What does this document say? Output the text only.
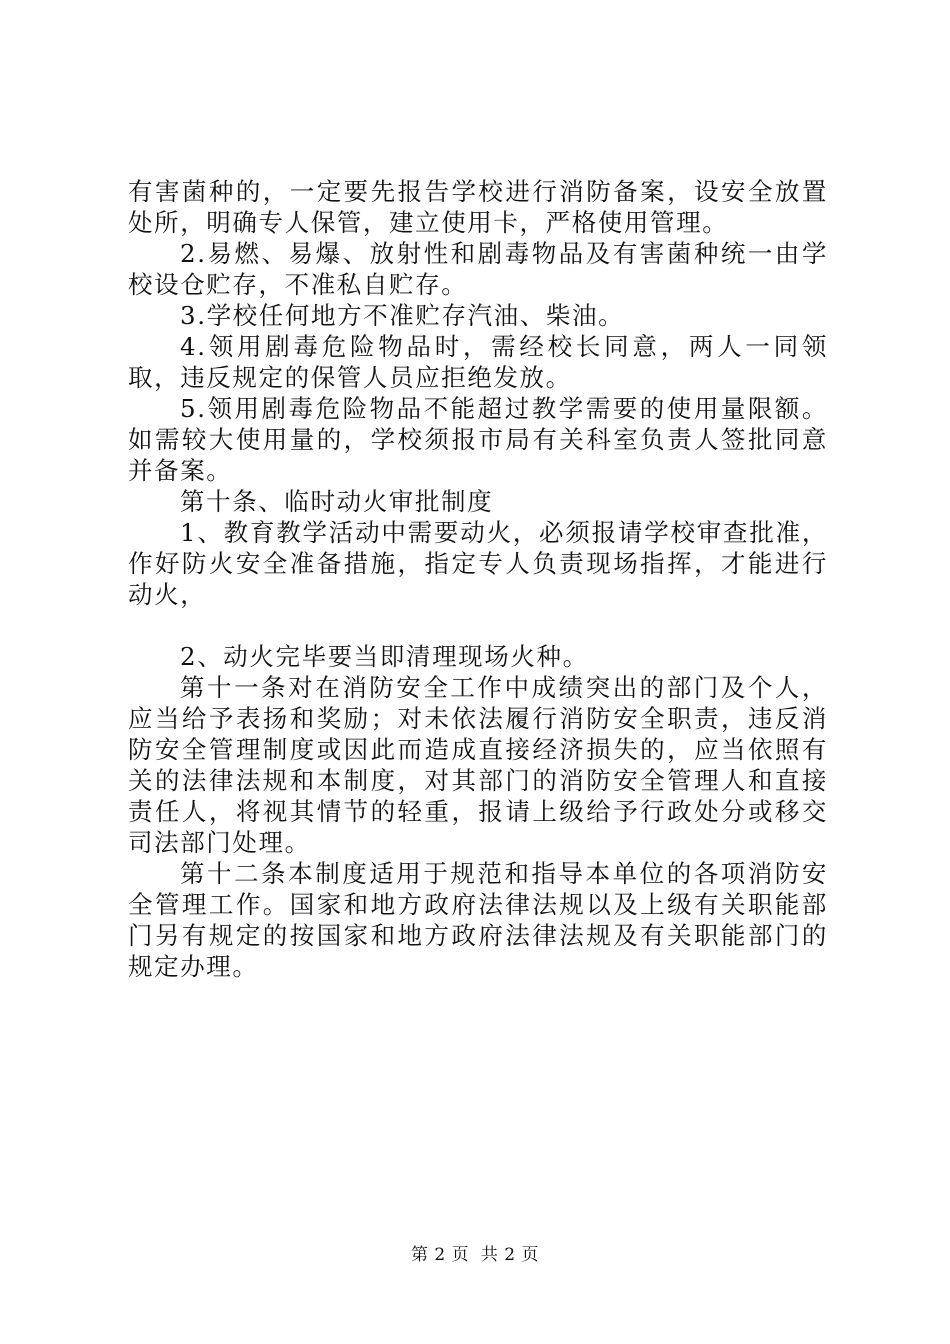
有害菌种的，一定要先报告学校进行消防备案，设安全放置处所，明确专人保管，建立使用卡，严格使用管理。

2.易燃、易爆、放射性和剧毒物品及有害菌种统一由学校设仓贮存，不准私自贮存。

3.学校任何地方不准贮存汽油、柴油。

4.领用剧毒危险物品时，需经校长同意，两人一同领取，违反规定的保管人员应拒绝发放。

5.领用剧毒危险物品不能超过教学需要的使用量限额。如需较大使用量的，学校须报市局有关科室负责人签批同意并备案。

第十条、临时动火审批制度

1、教育教学活动中需要动火，必须报请学校审查批准，作好防火安全准备措施，指定专人负责现场指挥，才能进行动火，

2、动火完毕要当即清理现场火种。

第十一条对在消防安全工作中成绩突出的部门及个人，应当给予表扬和奖励；对未依法履行消防安全职责，违反消防安全管理制度或因此而造成直接经济损失的，应当依照有关的法律法规和本制度，对其部门的消防安全管理人和直接责任人，将视其情节的轻重，报请上级给予行政处分或移交司法部门处理。

第十二条本制度适用于规范和指导本单位的各项消防安全管理工作。国家和地方政府法律法规以及上级有关职能部门另有规定的按国家和地方政府法律法规及有关职能部门的规定办理。

第 2 页  共 2 页
